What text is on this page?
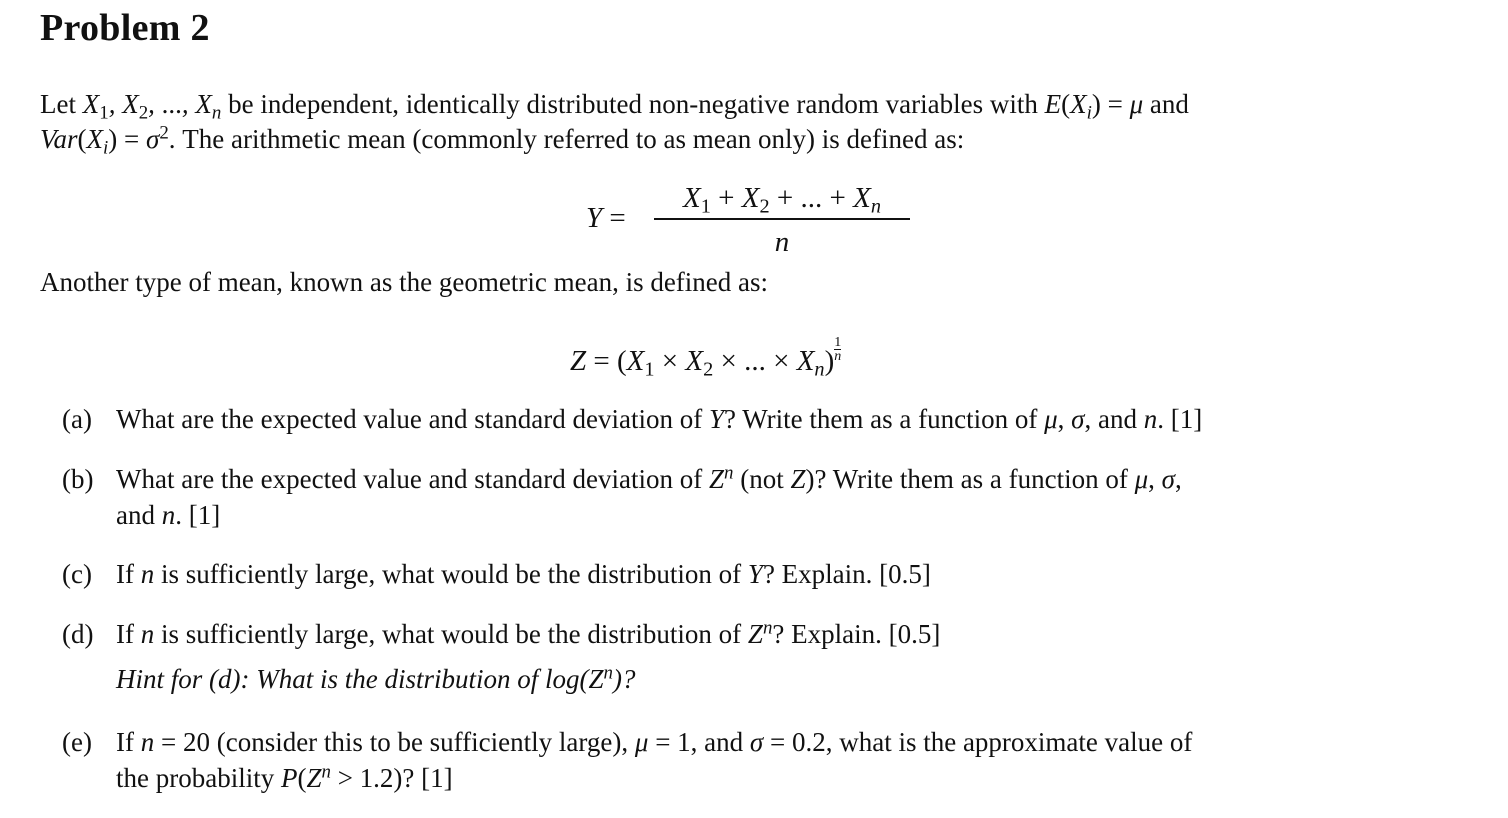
Problem 2
Let $X_1$, $X_2$, ..., $X_n$ be independent, identically distributed non-negative random variables with $E(X_i) = \mu$ and
$Var(X_i) = \sigma^2$. The arithmetic mean (commonly referred to as mean only) is defined as:
Y =
$X_1 + X_2$ + ... + $X_n$
n
Another type of mean, known as the geometric mean, is defined as:
$Z = (X_1 \times X_2$ × ... × $X_n) \frac{1}{n}$
(a) What are the expected value and standard deviation of Y? Write them as a function of μ, σ, and n. [1]
(b) What are the expected value and standard deviation of $Z^n$ (not Z)? Write them as a function of μ, σ,
and n. [1]
(c) If n is sufficiently large, what would be the distribution of Y? Explain. [0.5]
(d) If n is sufficiently large, what would be the distribution of $Z^n$? Explain. [0.5]
Hint for (d): What is the distribution of $\log(Z^n)$?
(e) If n = 20 (consider this to be sufficiently large), μ = 1, and σ = 0.2, what is the approximate value of
the probability $P(Z^n > 1.2)$? [1]
